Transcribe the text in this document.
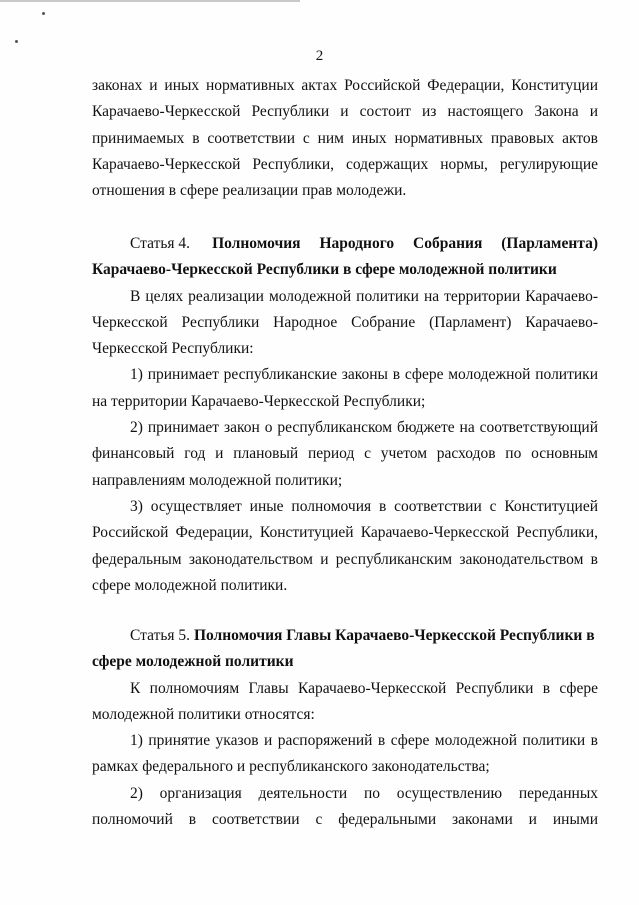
2
законах и иных нормативных актах Российской Федерации, Конституции
Карачаево-Черкесской Республики и состоит из настоящего Закона и
принимаемых в соответствии с ним иных нормативных правовых актов
Карачаево-Черкесской Республики, содержащих нормы, регулирующие
отношения в сфере реализации прав молодежи.
Статья 4. Полномочия Народного Собрания (Парламента)
Карачаево-Черкесской Республики в сфере молодежной политики
В целях реализации молодежной политики на территории Карачаево-
Черкесской Республики Народное Собрание (Парламент) Карачаево-
Черкесской Республики:
1) принимает республиканские законы в сфере молодежной политики
на территории Карачаево-Черкесской Республики;
2) принимает закон о республиканском бюджете на соответствующий
финансовый год и плановый период с учетом расходов по основным
направлениям молодежной политики;
3) осуществляет иные полномочия в соответствии с Конституцией
Российской Федерации, Конституцией Карачаево-Черкесской Республики,
федеральным законодательством и республиканским законодательством в
сфере молодежной политики.
Статья 5. Полномочия Главы Карачаево-Черкесской Республики в
сфере молодежной политики
К полномочиям Главы Карачаево-Черкесской Республики в сфере
молодежной политики относятся:
1) принятие указов и распоряжений в сфере молодежной политики в
рамках федерального и республиканского законодательства;
2) организация деятельности по осуществлению переданных
полномочий в соответствии с федеральными законами и иными
